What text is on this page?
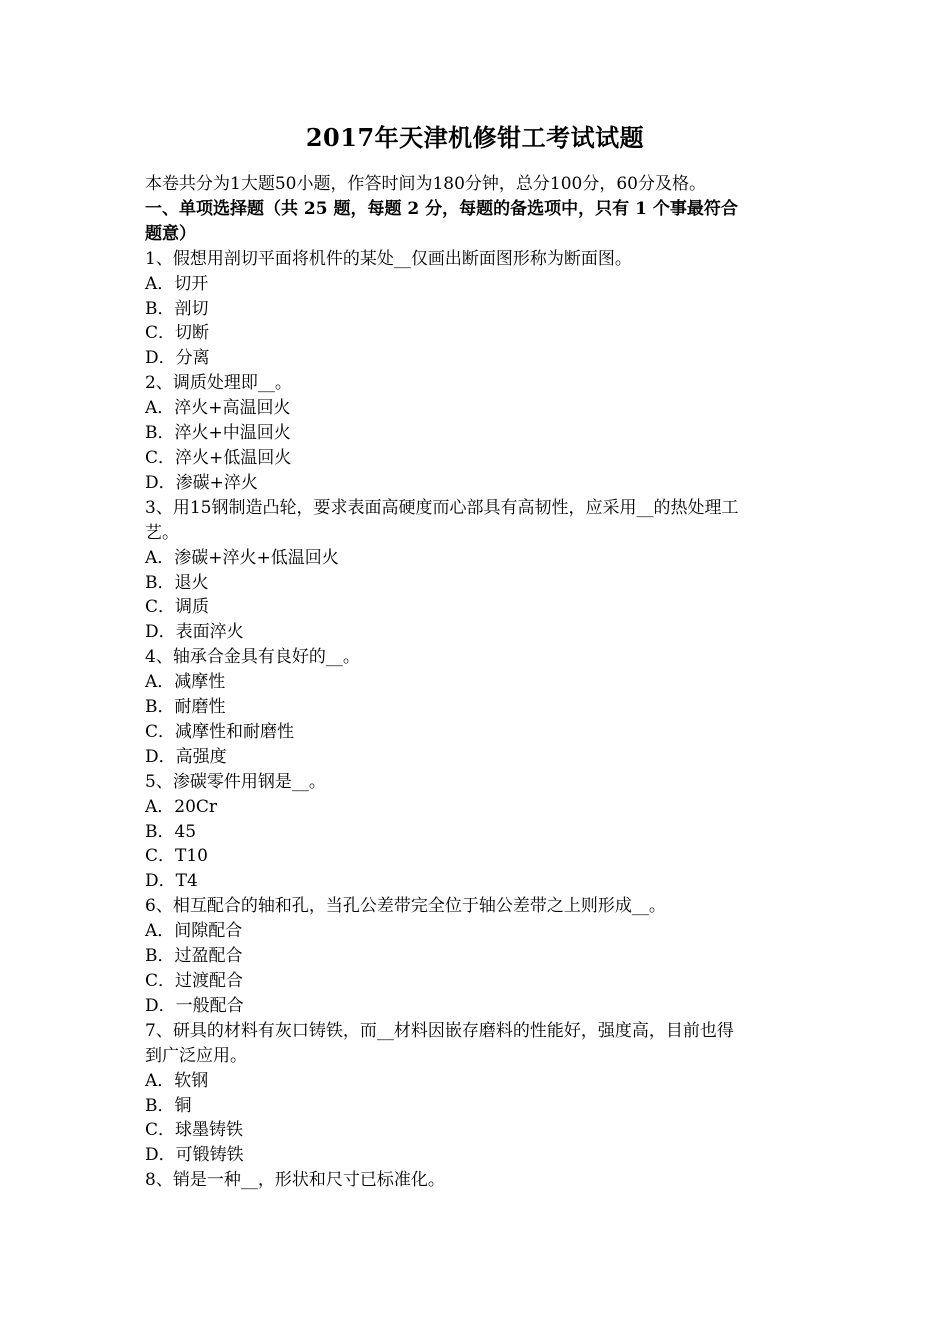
2017年天津机修钳工考试试题
本卷共分为1大题50小题，作答时间为180分钟，总分100分，60分及格。
一、单项选择题（共 25 题，每题 2 分，每题的备选项中，只有 1 个事最符合
题意）
1、假想用剖切平面将机件的某处__仅画出断面图形称为断面图。
A．切开
B．剖切
C．切断
D．分离
2、调质处理即__。
A．淬火+高温回火
B．淬火+中温回火
C．淬火+低温回火
D．渗碳+淬火
3、用15钢制造凸轮，要求表面高硬度而心部具有高韧性，应采用__的热处理工
艺。
A．渗碳+淬火+低温回火
B．退火
C．调质
D．表面淬火
4、轴承合金具有良好的__。
A．减摩性
B．耐磨性
C．减摩性和耐磨性
D．高强度
5、渗碳零件用钢是__。
A．20Cr
B．45
C．T10
D．T4
6、相互配合的轴和孔，当孔公差带完全位于轴公差带之上则形成__。
A．间隙配合
B．过盈配合
C．过渡配合
D．一般配合
7、研具的材料有灰口铸铁，而__材料因嵌存磨料的性能好，强度高，目前也得
到广泛应用。
A．软钢
B．铜
C．球墨铸铁
D．可锻铸铁
8、销是一种__，形状和尺寸已标准化。
